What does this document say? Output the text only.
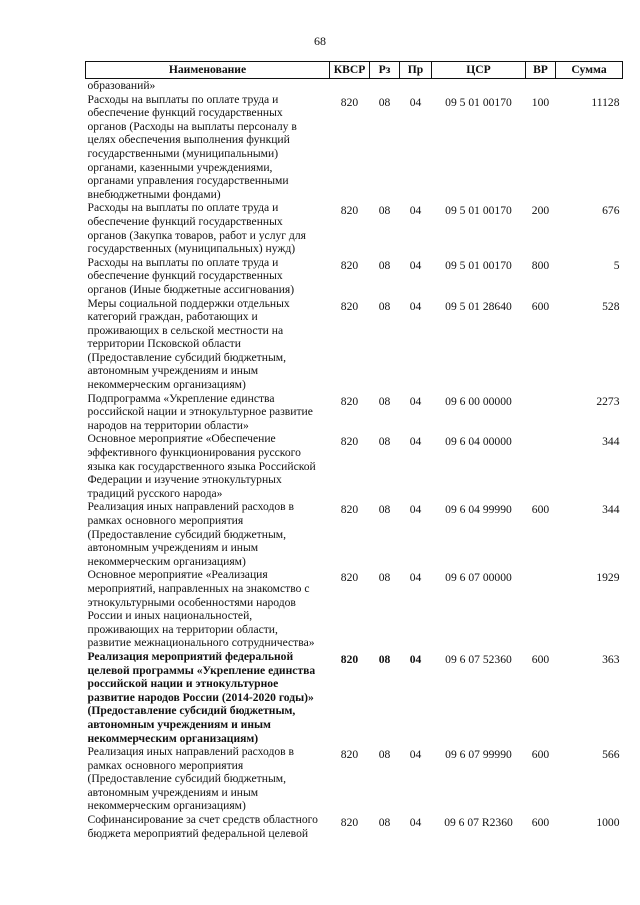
68
Наименование	КВСР	Рз	Пр	ЦСР	ВР	Сумма
образований»						
Расходы на выплаты по оплате труда и обеспечение функций государственных органов (Расходы на выплаты персоналу в целях обеспечения выполнения функций государственными (муниципальными) органами, казенными учреждениями, органами управления государственными внебюджетными фондами)	820	08	04	09 5 01 00170	100	11128
Расходы на выплаты по оплате труда и обеспечение функций государственных органов (Закупка товаров, работ и услуг для государственных (муниципальных) нужд)	820	08	04	09 5 01 00170	200	676
Расходы на выплаты по оплате труда и обеспечение функций государственных органов (Иные бюджетные ассигнования)	820	08	04	09 5 01 00170	800	5
Меры социальной поддержки отдельных категорий граждан, работающих и проживающих в сельской местности на территории Псковской области (Предоставление субсидий бюджетным, автономным учреждениям и иным некоммерческим организациям)	820	08	04	09 5 01 28640	600	528
Подпрограмма «Укрепление единства российской нации и этнокультурное развитие народов на территории области»	820	08	04	09 6 00 00000		2273
Основное мероприятие «Обеспечение эффективного функционирования русского языка как государственного языка Российской Федерации и изучение этнокультурных традиций русского народа»	820	08	04	09 6 04 00000		344
Реализация иных направлений расходов в рамках основного мероприятия (Предоставление субсидий бюджетным, автономным учреждениям и иным некоммерческим организациям)	820	08	04	09 6 04 99990	600	344
Основное мероприятие «Реализация мероприятий, направленных на знакомство с этнокультурными особенностями народов России и иных национальностей, проживающих на территории области, развитие межнационального сотрудничества»	820	08	04	09 6 07 00000		1929
Реализация мероприятий федеральной целевой программы «Укрепление единства российской нации и этнокультурное развитие народов России (2014-2020 годы)» (Предоставление субсидий бюджетным, автономным учреждениям и иным некоммерческим организациям)	820	08	04	09 6 07 52360	600	363
Реализация иных направлений расходов в рамках основного мероприятия (Предоставление субсидий бюджетным, автономным учреждениям и иным некоммерческим организациям)	820	08	04	09 6 07 99990	600	566
Софинансирование за счет средств областного бюджета мероприятий федеральной целевой	820	08	04	09 6 07 R2360	600	1000
